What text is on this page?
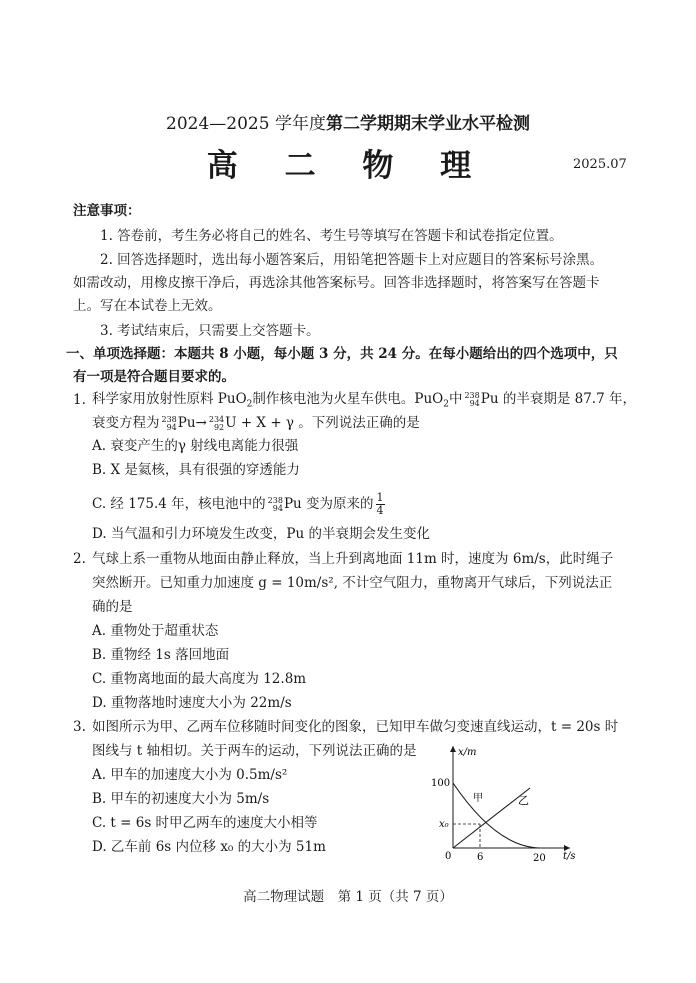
2024—2025 学年度第二学期期末学业水平检测
高 二 物 理	2025.07
注意事项：
1. 答卷前，考生务必将自己的姓名、考生号等填写在答题卡和试卷指定位置。
2. 回答选择题时，选出每小题答案后，用铅笔把答题卡上对应题目的答案标号涂黑。
如需改动，用橡皮擦干净后，再选涂其他答案标号。回答非选择题时，将答案写在答题卡
上。写在本试卷上无效。
3. 考试结束后，只需要上交答题卡。
一、单项选择题：本题共 8 小题，每小题 3 分，共 24 分。在每小题给出的四个选项中，只
有一项是符合题目要求的。
1. 科学家用放射性原料 PuO$_2$制作核电池为火星车供电。PuO$_2$中 238
94 Pu 的半衰期是 87.7 年，
衰变方程为 238
94 Pu→ 234
92 U + X + γ 。下列说法正确的是
A. 衰变产生的γ 射线电离能力很强
B. X 是氦核，具有很强的穿透能力
C. 经 175.4 年，核电池中的 238
94 Pu 变为原来的 $\frac{1}{4}$
D. 当气温和引力环境发生改变，Pu 的半衰期会发生变化
2. 气球上系一重物从地面由静止释放，当上升到离地面 11m 时，速度为 6m/s，此时绳子
突然断开。已知重力加速度 g = 10m/s², 不计空气阻力，重物离开气球后，下列说法正
确的是
A. 重物处于超重状态
B. 重物经 1s 落回地面
C. 重物离地面的最大高度为 12.8m
D. 重物落地时速度大小为 22m/s
3. 如图所示为甲、乙两车位移随时间变化的图象，已知甲车做匀变速直线运动，t = 20s 时
图线与 t 轴相切。关于两车的运动，下列说法正确的是
A. 甲车的加速度大小为 0.5m/s²
B. 甲车的初速度大小为 5m/s
C. t = 6s 时甲乙两车的速度大小相等
D. 乙车前 6s 内位移 x₀ 的大小为 51m
x/m
t/s
100
x₀
0	6	20
甲	乙
高二物理试题　第 1 页（共 7 页）
